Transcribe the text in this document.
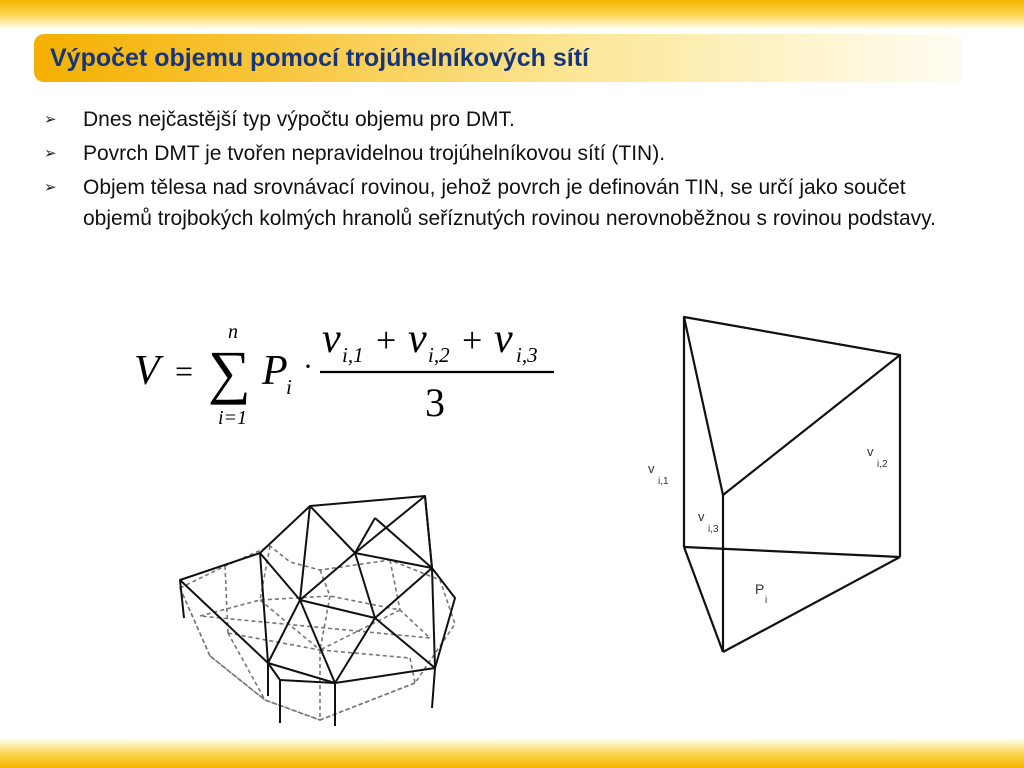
Výpočet objemu pomocí trojúhelníkových sítí
➢ Dnes nejčastější typ výpočtu objemu pro DMT.
➢ Povrch DMT je tvořen nepravidelnou trojúhelníkovou sítí (TIN).
➢ Objem tělesa nad srovnávací rovinou, jehož povrch je definován TIN, se určí jako součet objemů trojbokých kolmých hranolů seříznutých rovinou nerovnoběžnou s rovinou podstavy.
V = ∑
n
i=1
P
i
·
v i,1 + v i,2 + v i,3
3
v
i,1
v
i,2
v
i,3
P
i
